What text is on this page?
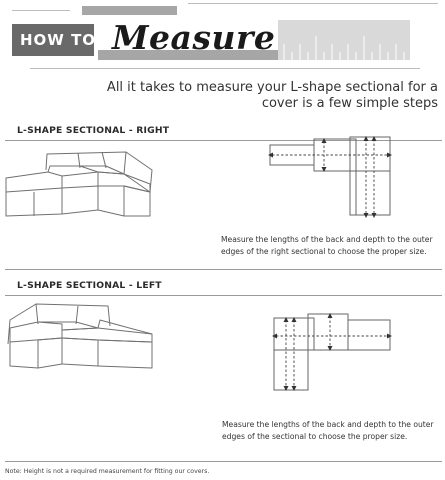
HOW TO: Measure
All it takes to measure your L-shape sectional for a
cover is a few simple steps
L-SHAPE SECTIONAL - RIGHT
Measure the lengths of the back and depth to the outer
edges of the right sectional to choose the proper size.
L-SHAPE SECTIONAL - LEFT
Measure the lengths of the back and depth to the outer
edges of the sectional to choose the proper size.
Note: Height is not a required measurement for fitting our covers.
